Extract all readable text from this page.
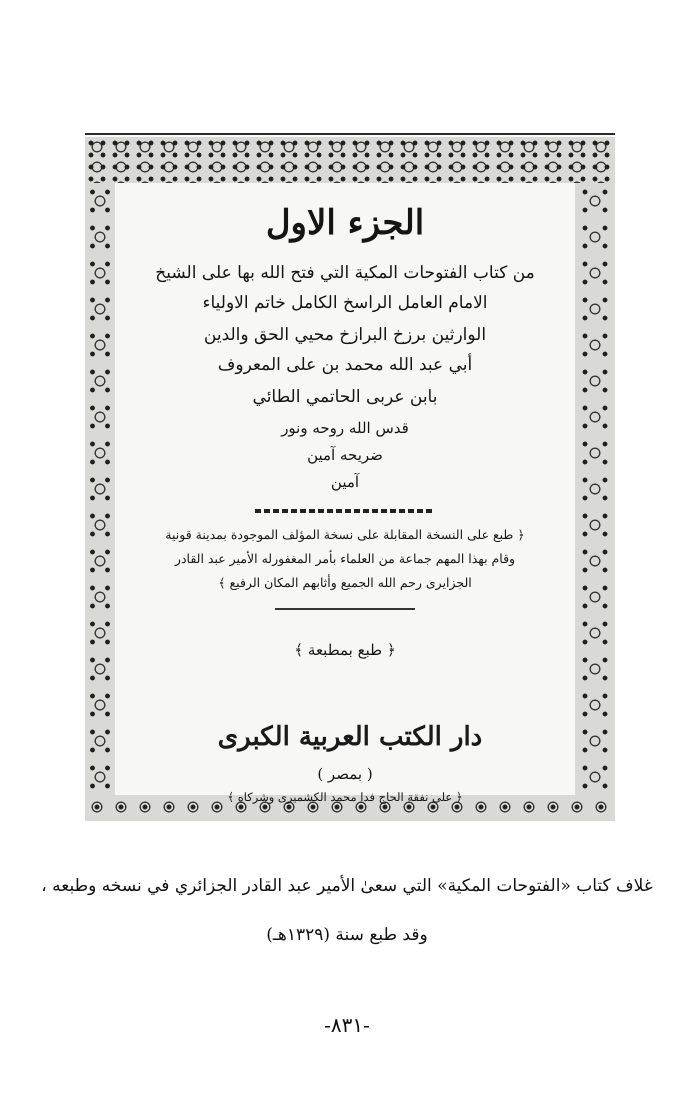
الجزء الاول
من كتاب الفتوحات المكية التي فتح الله بها على الشيخ
الامام العامل الراسخ الكامل خاتم الاولياء
الوارثين برزخ البرازخ محيي الحق والدين
أبي عبد الله محمد بن على المعروف
بابن عربى الحاتمي الطائي
قدس الله روحه ونور
ضريحه آمين
آمين
﴿ طبع على النسخة المقابلة على نسخة المؤلف الموجودة بمدينة قونية
وقام بهذا المهم جماعة من العلماء بأمر المغفورله الأمير عبد القادر
الجزايرى رحم الله الجميع وأثابهم المكان الرفيع ﴾
﴿ طبع بمطبعة ﴾
دار الكتب العربية الكبرى
( بمصر )
﴿ على نفقة الحاج فدا محمد الكشميرى وشركاه ﴾
غلاف كتاب «الفتوحات المكية» التي سعىٰ الأمير عبد القادر الجزائري في نسخه وطبعه ،
وقد طبع سنة (١٣٢٩هـ)
-٨٣١-
